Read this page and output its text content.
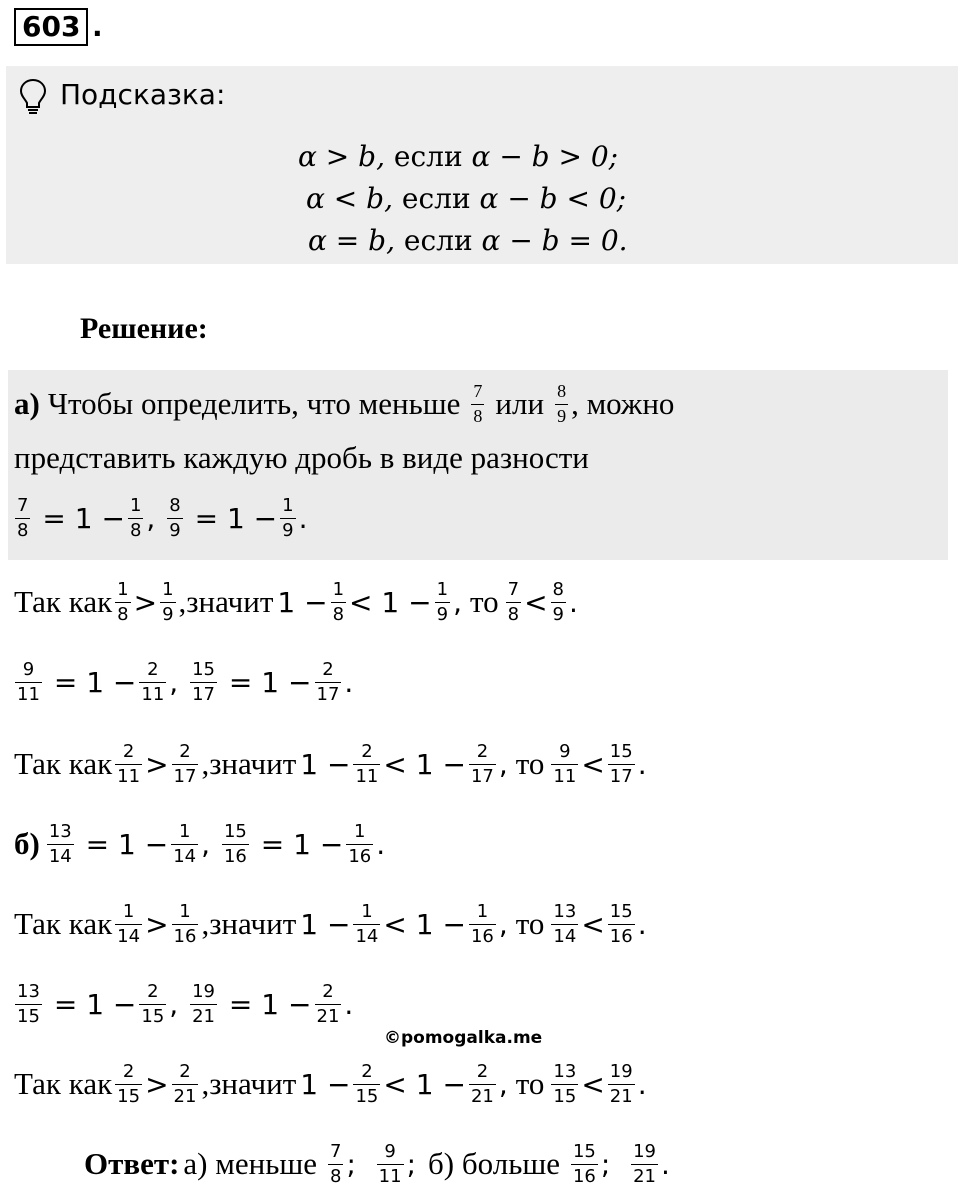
603 .
Подсказка:
α > b, если α − b > 0;
α < b, если α − b < 0;
α = b, если α − b = 0.
Решение:
а) Чтобы определить, что меньше $\frac{7}{8}$ или $\frac{8}{9}$ , можно
представить каждую дробь в виде разности
$\frac{7}{8}$
=
1
− $\frac{1}{8}$ , $\frac{8}{9}$
=
1
− $\frac{1}{9}$ .
Так как $\frac{1}{8} > \frac{1}{9}$ ,значит
1
− $\frac{1}{8}$ <
1
− $\frac{1}{9}$ ,
то
$\frac{7}{8} < \frac{8}{9}$ .
$\frac{9}{11}$
=
1
− $\frac{2}{11}$ , $\frac{15}{17}$
=
1
− $\frac{2}{17}$ .
Так как $\frac{2}{11} > \frac{2}{17}$ ,значит
1
− $\frac{2}{11}$ <
1
− $\frac{2}{17}$ ,
то
$\frac{9}{11} < \frac{15}{17}$ .
б)
$\frac{13}{14}$
=
1
− $\frac{1}{14}$ , $\frac{15}{16}$
=
1
− $\frac{1}{16}$ .
Так как $\frac{1}{14} > \frac{1}{16}$ ,значит
1
− $\frac{1}{14}$ <
1
− $\frac{1}{16}$ ,
то
$\frac{13}{14} < \frac{15}{16}$ .
$\frac{13}{15}$
=
1
− $\frac{2}{15}$ , $\frac{19}{21}$
=
1
− $\frac{2}{21}$ .
©pomogalka.me
Так как $\frac{2}{15} > \frac{2}{21}$ ,значит
1
− $\frac{2}{15}$ <
1
− $\frac{2}{21}$ ,
то
$\frac{13}{15} < \frac{19}{21}$ .
Ответ:
а) меньше
$\frac{7}{8}$ ; $\frac{9}{11}$ ;
б) больше
$\frac{15}{16}$ ; $\frac{19}{21}$ .
